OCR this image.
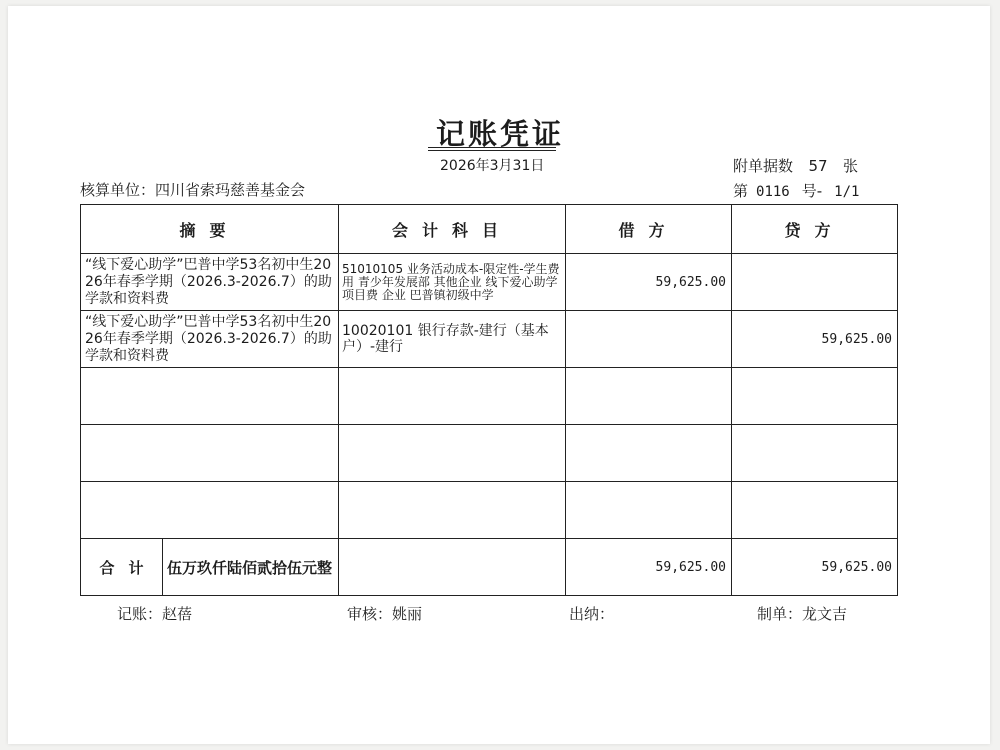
记账凭证
2026年3月31日	附单据数 57 张
核算单位：四川省索玛慈善基金会	第 0116 号- 1/1
摘要	会计科目	借方	贷方
“线下爱心助学”巴普中学53名初中生2026年春季学期（2026.3-2026.7）的助学款和资料费	51010105 业务活动成本-限定性-学生费用 青少年发展部 其他企业 线下爱心助学 项目费 企业 巴普镇初级中学	59,625.00	
“线下爱心助学”巴普中学53名初中生2026年春季学期（2026.3-2026.7）的助学款和资料费	10020101 银行存款-建行（基本户）-建行		59,625.00

合计 伍万玖仟陆佰贰拾伍元整		59,625.00	59,625.00
记账：赵蓓	审核：姚丽	出纳：	制单：龙文吉
